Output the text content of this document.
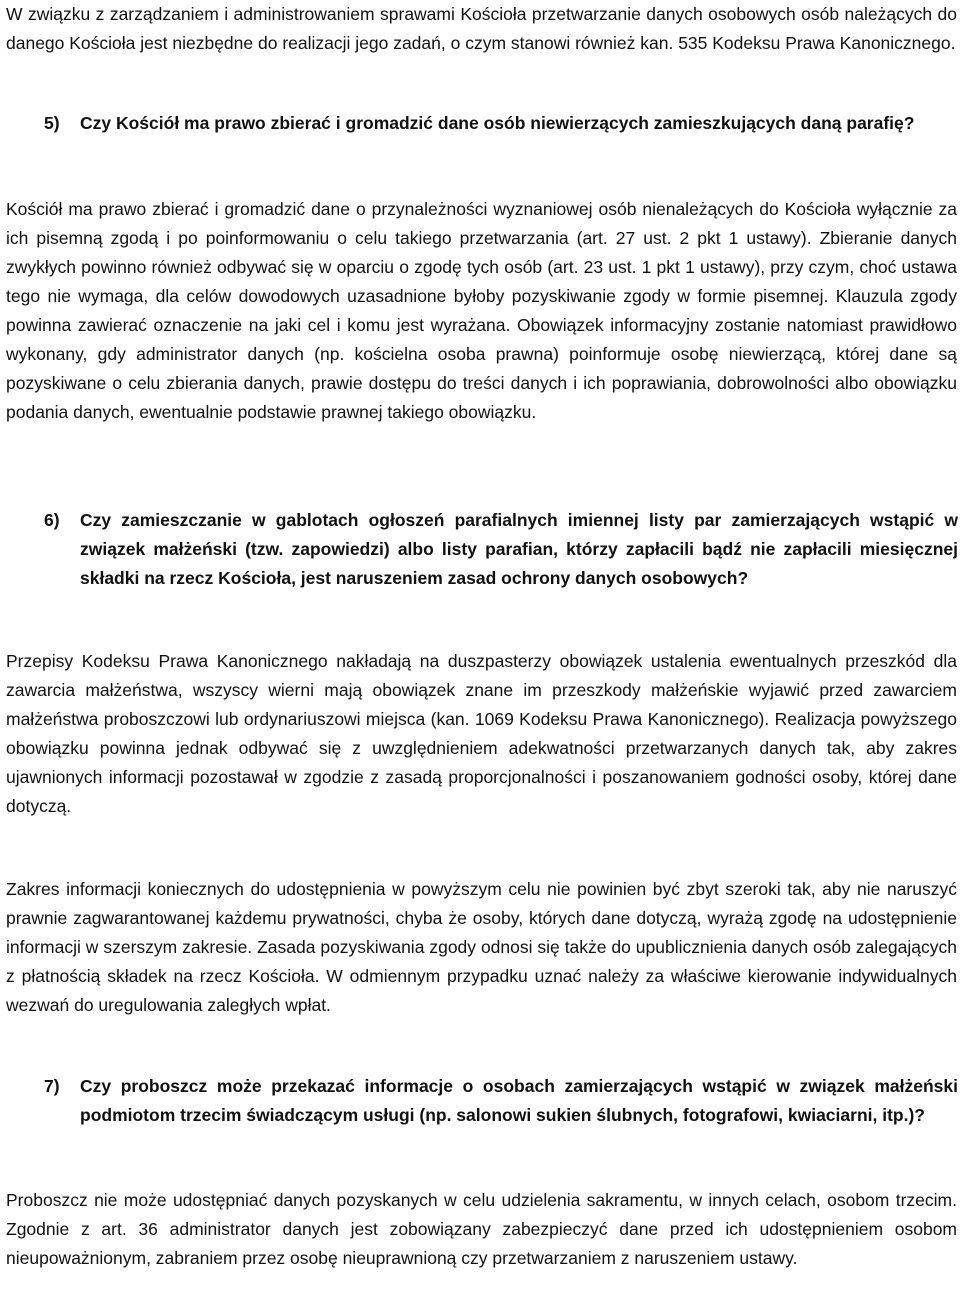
W związku z zarządzaniem i administrowaniem sprawami Kościoła przetwarzanie danych osobowych osób należących do danego Kościoła jest niezbędne do realizacji jego zadań, o czym stanowi również kan. 535 Kodeksu Prawa Kanonicznego.

5) Czy Kościół ma prawo zbierać i gromadzić dane osób niewierzących zamieszkujących daną parafię?

Kościół ma prawo zbierać i gromadzić dane o przynależności wyznaniowej osób nienależących do Kościoła wyłącznie za ich pisemną zgodą i po poinformowaniu o celu takiego przetwarzania (art. 27 ust. 2 pkt 1 ustawy). Zbieranie danych zwykłych powinno również odbywać się w oparciu o zgodę tych osób (art. 23 ust. 1 pkt 1 ustawy), przy czym, choć ustawa tego nie wymaga, dla celów dowodowych uzasadnione byłoby pozyskiwanie zgody w formie pisemnej. Klauzula zgody powinna zawierać oznaczenie na jaki cel i komu jest wyrażana. Obowiązek informacyjny zostanie natomiast prawidłowo wykonany, gdy administrator danych (np. kościelna osoba prawna) poinformuje osobę niewierzącą, której dane są pozyskiwane o celu zbierania danych, prawie dostępu do treści danych i ich poprawiania, dobrowolności albo obowiązku podania danych, ewentualnie podstawie prawnej takiego obowiązku.

6) Czy zamieszczanie w gablotach ogłoszeń parafialnych imiennej listy par zamierzających wstąpić w związek małżeński (tzw. zapowiedzi) albo listy parafian, którzy zapłacili bądź nie zapłacili miesięcznej składki na rzecz Kościoła, jest naruszeniem zasad ochrony danych osobowych?

Przepisy Kodeksu Prawa Kanonicznego nakładają na duszpasterzy obowiązek ustalenia ewentualnych przeszkód dla zawarcia małżeństwa, wszyscy wierni mają obowiązek znane im przeszkody małżeńskie wyjawić przed zawarciem małżeństwa proboszczowi lub ordynariuszowi miejsca (kan. 1069 Kodeksu Prawa Kanonicznego). Realizacja powyższego obowiązku powinna jednak odbywać się z uwzględnieniem adekwatności przetwarzanych danych tak, aby zakres ujawnionych informacji pozostawał w zgodzie z zasadą proporcjonalności i poszanowaniem godności osoby, której dane dotyczą.

Zakres informacji koniecznych do udostępnienia w powyższym celu nie powinien być zbyt szeroki tak, aby nie naruszyć prawnie zagwarantowanej każdemu prywatności, chyba że osoby, których dane dotyczą, wyrażą zgodę na udostępnienie informacji w szerszym zakresie. Zasada pozyskiwania zgody odnosi się także do upublicznienia danych osób zalegających z płatnością składek na rzecz Kościoła. W odmiennym przypadku uznać należy za właściwe kierowanie indywidualnych wezwań do uregulowania zaległych wpłat.

7) Czy proboszcz może przekazać informacje o osobach zamierzających wstąpić w związek małżeński podmiotom trzecim świadczącym usługi (np. salonowi sukien ślubnych, fotografowi, kwiaciarni, itp.)?

Proboszcz nie może udostępniać danych pozyskanych w celu udzielenia sakramentu, w innych celach, osobom trzecim. Zgodnie z art. 36 administrator danych jest zobowiązany zabezpieczyć dane przed ich udostępnieniem osobom nieupoważnionym, zabraniem przez osobę nieuprawnioną czy przetwarzaniem z naruszeniem ustawy.
